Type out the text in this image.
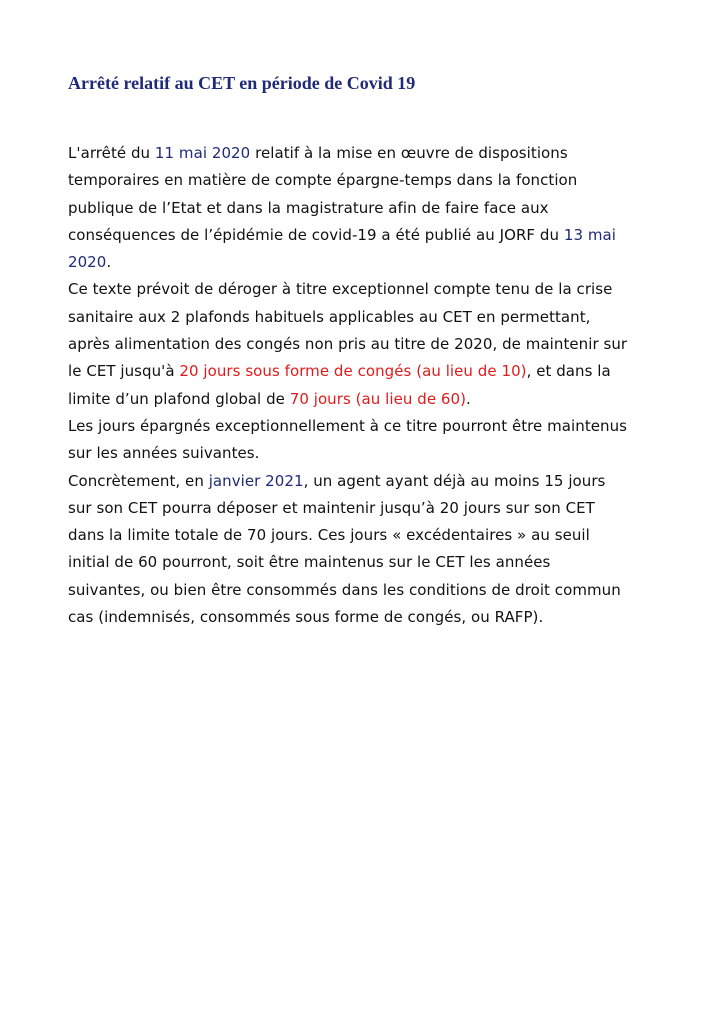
Arrêté relatif au CET en période de Covid 19
L'arrêté du 11 mai 2020 relatif à la mise en œuvre de dispositions
temporaires en matière de compte épargne-temps dans la fonction
publique de l’Etat et dans la magistrature afin de faire face aux
conséquences de l’épidémie de covid-19 a été publié au JORF du 13 mai
2020.
Ce texte prévoit de déroger à titre exceptionnel compte tenu de la crise
sanitaire aux 2 plafonds habituels applicables au CET en permettant,
après alimentation des congés non pris au titre de 2020, de maintenir sur
le CET jusqu'à 20 jours sous forme de congés (au lieu de 10), et dans la
limite d’un plafond global de 70 jours (au lieu de 60).
Les jours épargnés exceptionnellement à ce titre pourront être maintenus
sur les années suivantes.
Concrètement, en janvier 2021, un agent ayant déjà au moins 15 jours
sur son CET pourra déposer et maintenir jusqu’à 20 jours sur son CET
dans la limite totale de 70 jours. Ces jours « excédentaires » au seuil
initial de 60 pourront, soit être maintenus sur le CET les années
suivantes, ou bien être consommés dans les conditions de droit commun
cas (indemnisés, consommés sous forme de congés, ou RAFP).
